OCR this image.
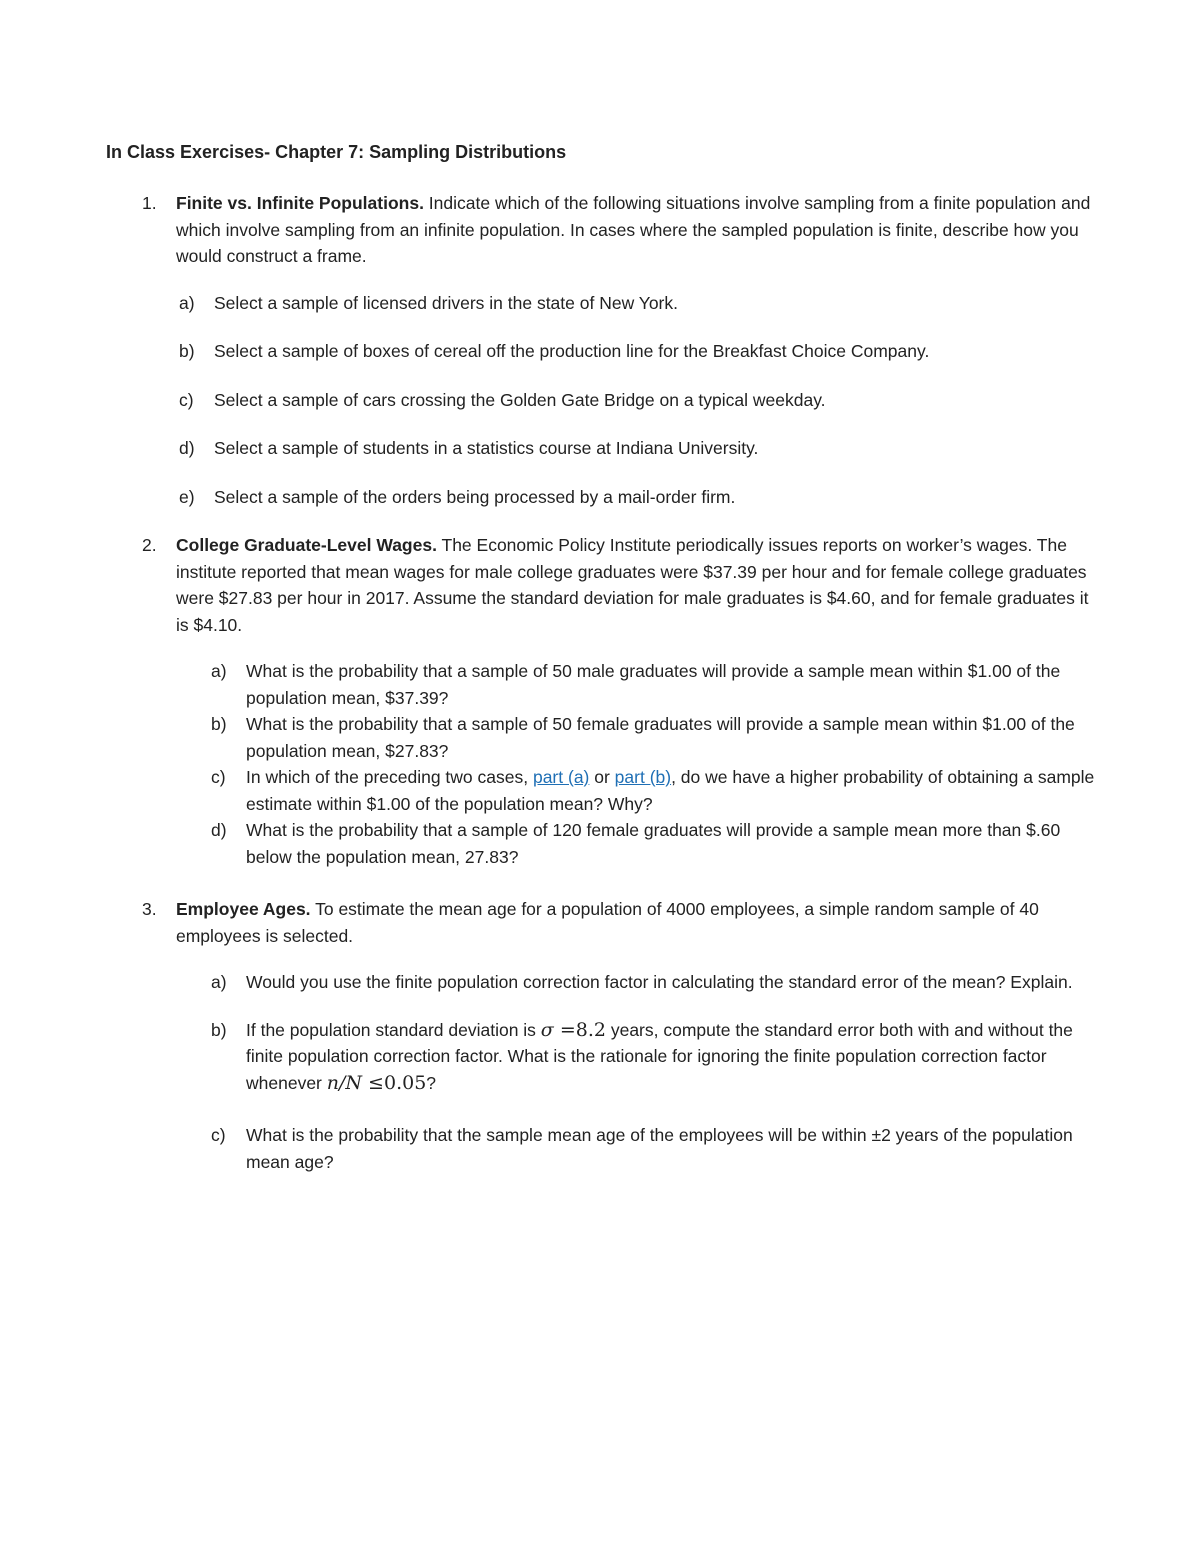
In Class Exercises- Chapter 7: Sampling Distributions
1. Finite vs. Infinite Populations. Indicate which of the following situations involve sampling from a finite population and which involve sampling from an infinite population. In cases where the sampled population is finite, describe how you would construct a frame.
a) Select a sample of licensed drivers in the state of New York.
b) Select a sample of boxes of cereal off the production line for the Breakfast Choice Company.
c) Select a sample of cars crossing the Golden Gate Bridge on a typical weekday.
d) Select a sample of students in a statistics course at Indiana University.
e) Select a sample of the orders being processed by a mail-order firm.
2. College Graduate-Level Wages. The Economic Policy Institute periodically issues reports on worker’s wages. The institute reported that mean wages for male college graduates were $37.39 per hour and for female college graduates were $27.83 per hour in 2017. Assume the standard deviation for male graduates is $4.60, and for female graduates it is $4.10.
a) What is the probability that a sample of 50 male graduates will provide a sample mean within $1.00 of the population mean, $37.39?
b) What is the probability that a sample of 50 female graduates will provide a sample mean within $1.00 of the population mean, $27.83?
c) In which of the preceding two cases, part (a) or part (b), do we have a higher probability of obtaining a sample estimate within $1.00 of the population mean? Why?
d) What is the probability that a sample of 120 female graduates will provide a sample mean more than $.60 below the population mean, 27.83?
3. Employee Ages. To estimate the mean age for a population of 4000 employees, a simple random sample of 40 employees is selected.
a) Would you use the finite population correction factor in calculating the standard error of the mean? Explain.
b) If the population standard deviation is σ =8.2 years, compute the standard error both with and without the finite population correction factor. What is the rationale for ignoring the finite population correction factor whenever n/N ≤0.05?
c) What is the probability that the sample mean age of the employees will be within ±2 years of the population mean age?
